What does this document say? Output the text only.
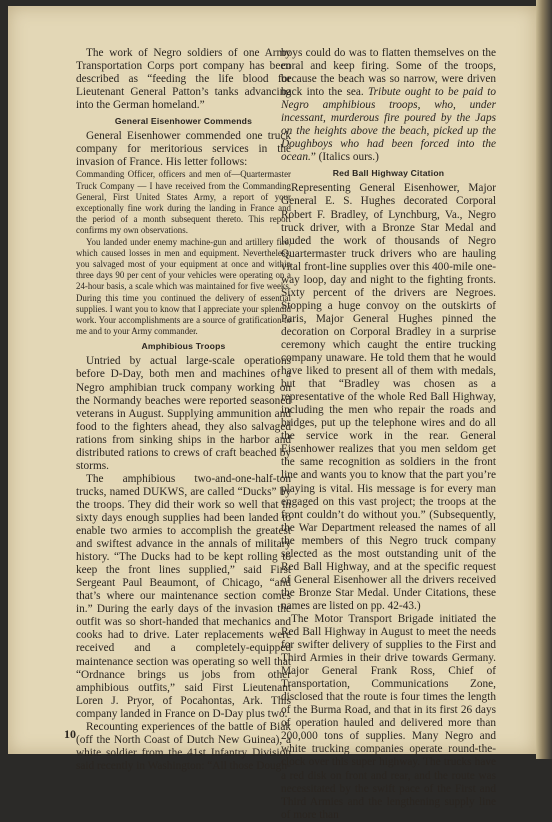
The work of Negro soldiers of one Army Transportation Corps port company has been described as “feeding the life blood for Lieutenant General Patton’s tanks advancing into the German homeland.”

General Eisenhower Commends

General Eisenhower commended one truck company for meritorious services in the invasion of France. His letter follows:

Commanding Officer, officers and men of—Quartermaster Truck Company — I have received from the Commanding General, First United States Army, a report of your exceptionally fine work during the landing in France and the period of a month subsequent thereto. This report confirms my own observations.

You landed under enemy machine-gun and artillery fire, which caused losses in men and equipment. Nevertheless, you salvaged most of your equipment at once and within three days 90 per cent of your vehicles were operating on a 24-hour basis, a scale which was maintained for five weeks. During this time you continued the delivery of essential supplies. I want you to know that I appreciate your splendid work. Your accomplishments are a source of gratification to me and to your Army commander.

Amphibious Troops

Untried by actual large-scale operations before D-Day, both men and machines of a Negro amphibian truck company working on the Normandy beaches were reported seasoned veterans in August. Supplying ammunition and food to the fighters ahead, they also salvaged rations from sinking ships in the harbor and distributed rations to crews of craft beached by storms.

The amphibious two-and-one-half-ton trucks, named DUKWS, are called “Ducks” by the troops. They did their work so well that in sixty days enough supplies had been landed to enable two armies to accomplish the greatest and swiftest advance in the annals of military history. “The Ducks had to be kept rolling to keep the front lines supplied,” said First Sergeant Paul Beaumont, of Chicago, “and that’s where our maintenance section comes in.” During the early days of the invasion the outfit was so short-handed that mechanics and cooks had to drive. Later replacements were received and a completely-equipped maintenance section was operating so well that “Ordnance brings us jobs from other amphibious outfits,” said First Lieutenant Loren J. Pryor, of Pocahontas, Ark. This company landed in France on D-Day plus two.

Recounting experiences of the battle of Biak (off the North Coast of Dutch New Guinea), a white soldier from the 41st Infantry Division said recently in Washington: “All those Dough-

boys could do was to flatten themselves on the coral and keep firing. Some of the troops, because the beach was so narrow, were driven back into the sea. Tribute ought to be paid to Negro amphibious troops, who, under incessant, murderous fire poured by the Japs on the heights above the beach, picked up the Doughboys who had been forced into the ocean.” (Italics ours.)

Red Ball Highway Citation

Representing General Eisenhower, Major General E. S. Hughes decorated Corporal Robert F. Bradley, of Lynchburg, Va., Negro truck driver, with a Bronze Star Medal and lauded the work of thousands of Negro Quartermaster truck drivers who are hauling vital front-line supplies over this 400-mile one-way loop, day and night to the fighting fronts. Sixty percent of the drivers are Negroes. Stopping a huge convoy on the outskirts of Paris, Major General Hughes pinned the decoration on Corporal Bradley in a surprise ceremony which caught the entire trucking company unaware. He told them that he would have liked to present all of them with medals, but that “Bradley was chosen as a representative of the whole Red Ball Highway, including the men who repair the roads and bridges, put up the telephone wires and do all the service work in the rear. General Eisenhower realizes that you men seldom get the same recognition as soldiers in the front line and wants you to know that the part you’re playing is vital. His message is for every man engaged on this vast project; the troops at the front couldn’t do without you.” (Subsequently, the War Department released the names of all the members of this Negro truck company selected as the most outstanding unit of the Red Ball Highway, and at the specific request of General Eisenhower all the drivers received the Bronze Star Medal. Under Citations, these names are listed on pp. 42-43.)

The Motor Transport Brigade initiated the Red Ball Highway in August to meet the needs for swifter delivery of supplies to the First and Third Armies in their drive towards Germany. Major General Frank Ross, Chief of Transportation, Communications Zone, disclosed that the route is four times the length of the Burma Road, and that in its first 26 days of operation hauled and delivered more than 200,000 tons of supplies. Many Negro and white trucking companies operate round-the-clock over this super highway. The trucks have a red disk on front and rear, and the route was necessitated by the swift pace of the First and Third Armies and the lengthening supply line of more than

10
